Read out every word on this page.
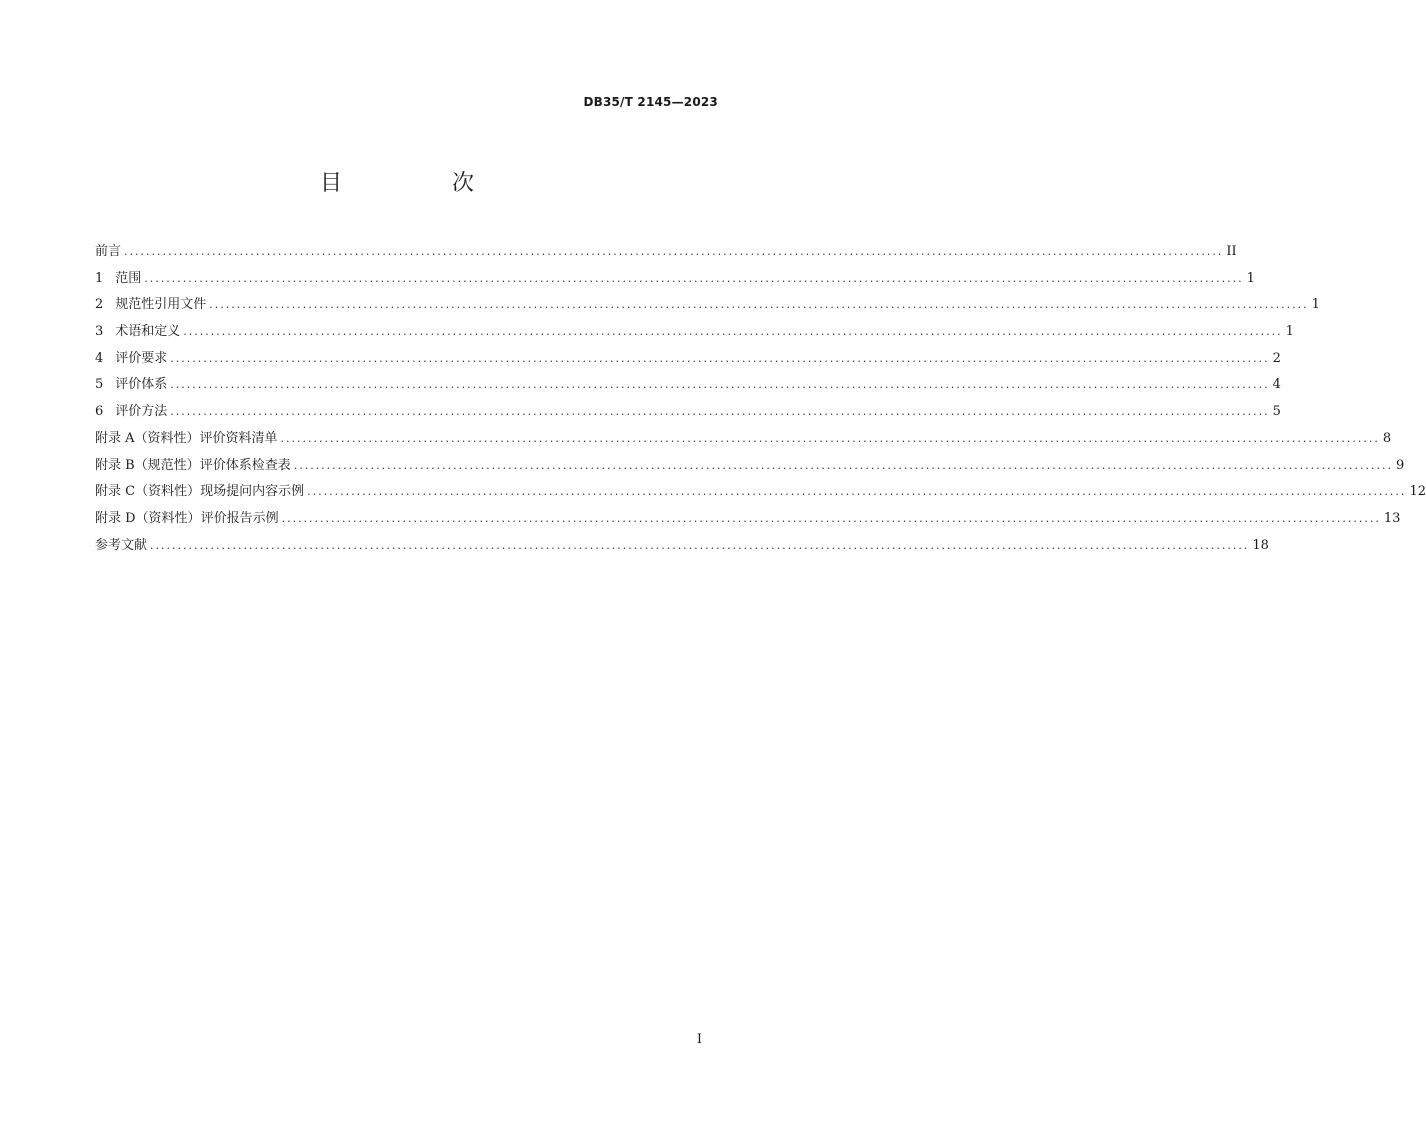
DB35/T 2145—2023
目　次
前言 ........................................................................................................................................................................................................ II
1 范围 ........................................................................................................................................................................................................ 1
2 规范性引用文件 ........................................................................................................................................................................................................ 1
3 术语和定义 ........................................................................................................................................................................................................ 1
4 评价要求 ........................................................................................................................................................................................................ 2
5 评价体系 ........................................................................................................................................................................................................ 4
6 评价方法 ........................................................................................................................................................................................................ 5
附录 A（资料性） 评价资料清单 ........................................................................................................................................................................................................ 8
附录 B（规范性） 评价体系检查表 ........................................................................................................................................................................................................ 9
附录 C（资料性） 现场提问内容示例 ........................................................................................................................................................................................................ 12
附录 D（资料性） 评价报告示例 ........................................................................................................................................................................................................ 13
参考文献 ........................................................................................................................................................................................................ 18
I
